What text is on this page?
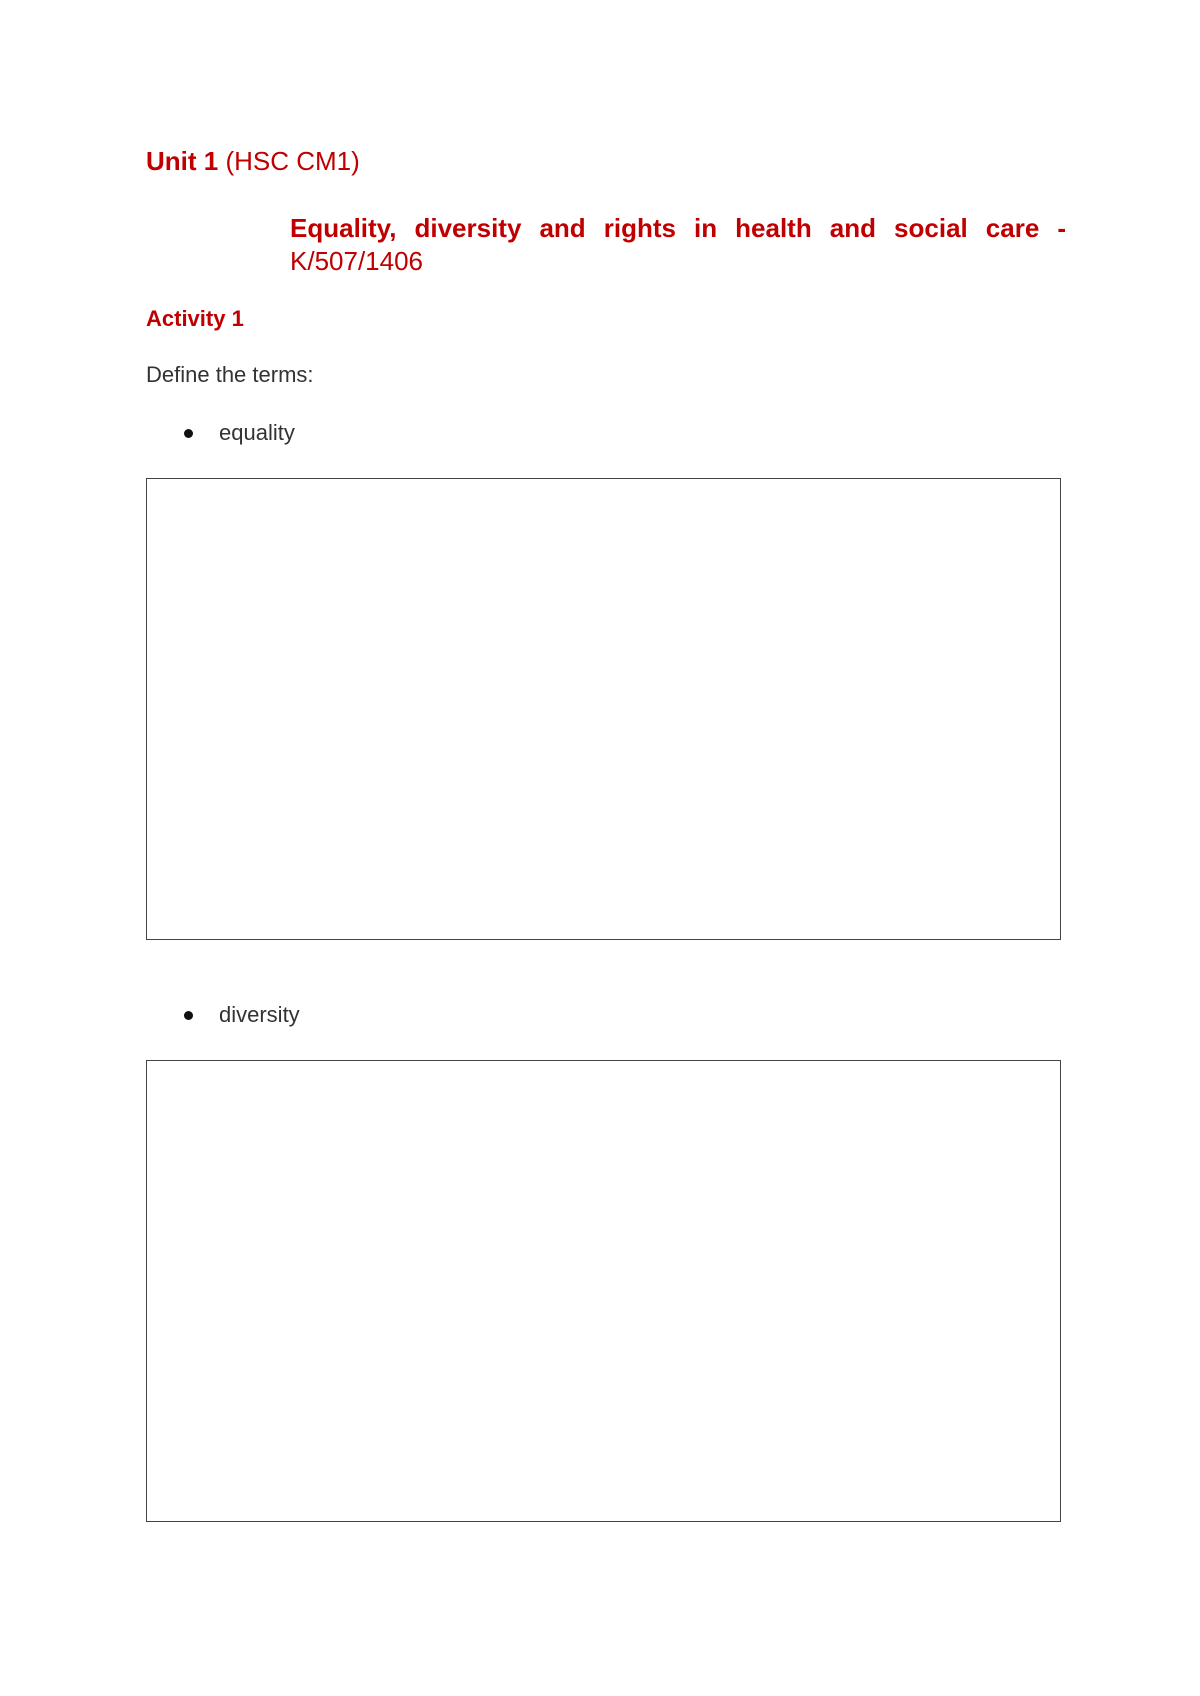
Unit 1 (HSC CM1)
Equality, diversity and rights in health and social care -
K/507/1406
Activity 1
Define the terms:
equality
diversity
